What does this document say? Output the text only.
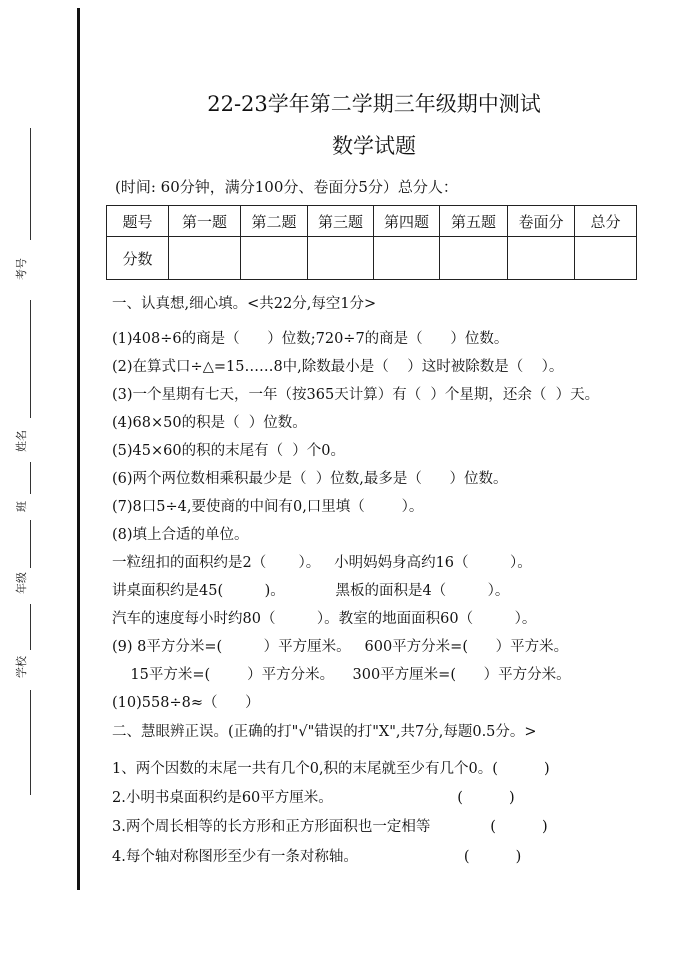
考号
姓名
班
年级
学校
22-23学年第二学期三年级期中测试
数学试题
(时间: 60分钟，满分100分、卷面分5分）总分人：
题号	第一题	第二题	第三题	第四题	第五题	卷面分	总分
分数							
一、认真想,细心填。<共22分,每空1分>
(1)408÷6的商是（      ）位数;720÷7的商是（      ）位数。
(2)在算式口÷△=15……8中,除数最小是（    ）这时被除数是（    ）。
(3)一个星期有七天，一年（按365天计算）有（  ）个星期，还余（  ）天。
(4)68×50的积是（  ）位数。
(5)45×60的积的末尾有（  ）个0。
(6)两个两位数相乘积最少是（  ）位数,最多是（      ）位数。
(7)8口5÷4,要使商的中间有0,口里填（        ）。
(8)填上合适的单位。
一粒纽扣的面积约是2（       ）。   小明妈妈身高约16（         ）。
讲桌面积约是45(         )。           黑板的面积是4（         ）。
汽车的速度每小时约80（         ）。教室的地面面积60（         ）。
(9) 8平方分米=(         ）平方厘米。   600平方分米=(      ）平方米。
15平方米=(        ）平方分米。    300平方厘米=(      ）平方分米。
(10)558÷8≈（      ）
二、慧眼辨正误。(正确的打"√"错误的打"X",共7分,每题0.5分。>
1、两个因数的末尾一共有几个0,积的末尾就至少有几个0。(          )
2.小明书桌面积约是60平方厘米。                           (          )
3.两个周长相等的长方形和正方形面积也一定相等             (          )
4.每个轴对称图形至少有一条对称轴。                       (          )
